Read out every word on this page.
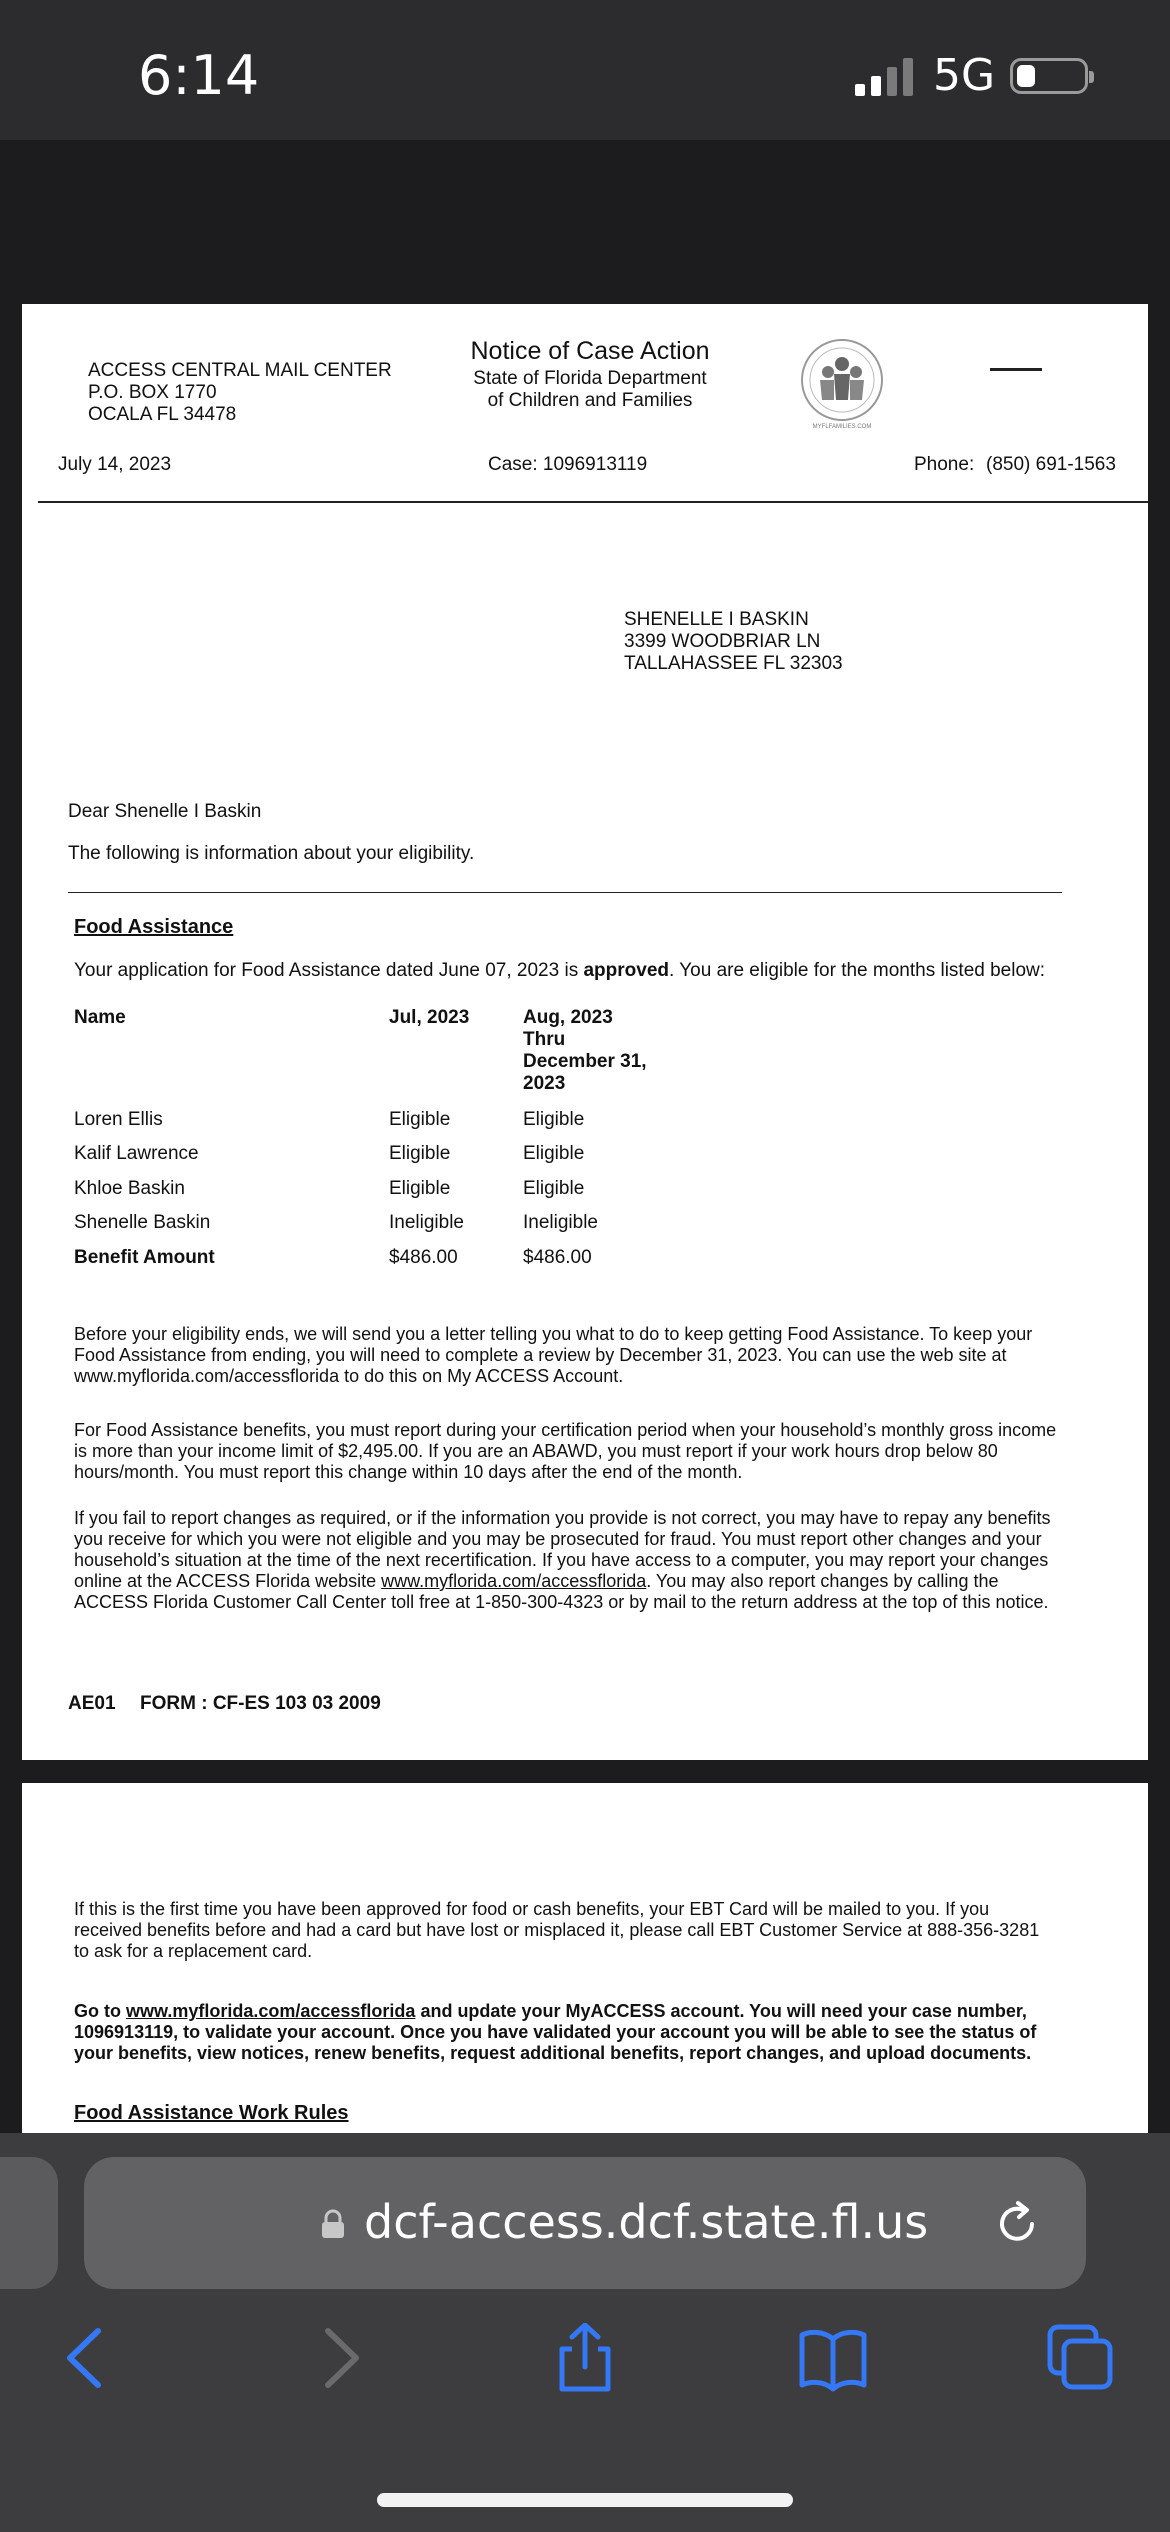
6:14	5G
ACCESS CENTRAL MAIL CENTER
P.O. BOX 1770
OCALA FL 34478
Notice of Case Action
State of Florida Department
of Children and Families
MYFLFAMILIES.COM
July 14, 2023	Case: 1096913119	Phone: (850) 691-1563
SHENELLE I BASKIN
3399 WOODBRIAR LN
TALLAHASSEE FL 32303
Dear Shenelle I Baskin
The following is information about your eligibility.
Food Assistance
Your application for Food Assistance dated June 07, 2023 is approved. You are eligible for the months listed below:
Name	Jul, 2023	Aug, 2023
Thru
December 31,
2023
Loren Ellis	Eligible	Eligible
Kalif Lawrence	Eligible	Eligible
Khloe Baskin	Eligible	Eligible
Shenelle Baskin	Ineligible	Ineligible
Benefit Amount	$486.00	$486.00
Before your eligibility ends, we will send you a letter telling you what to do to keep getting Food Assistance. To keep your Food Assistance from ending, you will need to complete a review by December 31, 2023. You can use the web site at www.myflorida.com/accessflorida to do this on My ACCESS Account.
For Food Assistance benefits, you must report during your certification period when your household’s monthly gross income is more than your income limit of $2,495.00. If you are an ABAWD, you must report if your work hours drop below 80 hours/month. You must report this change within 10 days after the end of the month.
If you fail to report changes as required, or if the information you provide is not correct, you may have to repay any benefits you receive for which you were not eligible and you may be prosecuted for fraud. You must report other changes and your household’s situation at the time of the next recertification. If you have access to a computer, you may report your changes online at the ACCESS Florida website www.myflorida.com/accessflorida. You may also report changes by calling the ACCESS Florida Customer Call Center toll free at 1-850-300-4323 or by mail to the return address at the top of this notice.
AE01 FORM : CF-ES 103 03 2009
If this is the first time you have been approved for food or cash benefits, your EBT Card will be mailed to you. If you received benefits before and had a card but have lost or misplaced it, please call EBT Customer Service at 888-356-3281 to ask for a replacement card.
Go to www.myflorida.com/accessflorida and update your MyACCESS account. You will need your case number, 1096913119, to validate your account. Once you have validated your account you will be able to see the status of your benefits, view notices, renew benefits, request additional benefits, report changes, and upload documents.
Food Assistance Work Rules
dcf-access.dcf.state.fl.us
